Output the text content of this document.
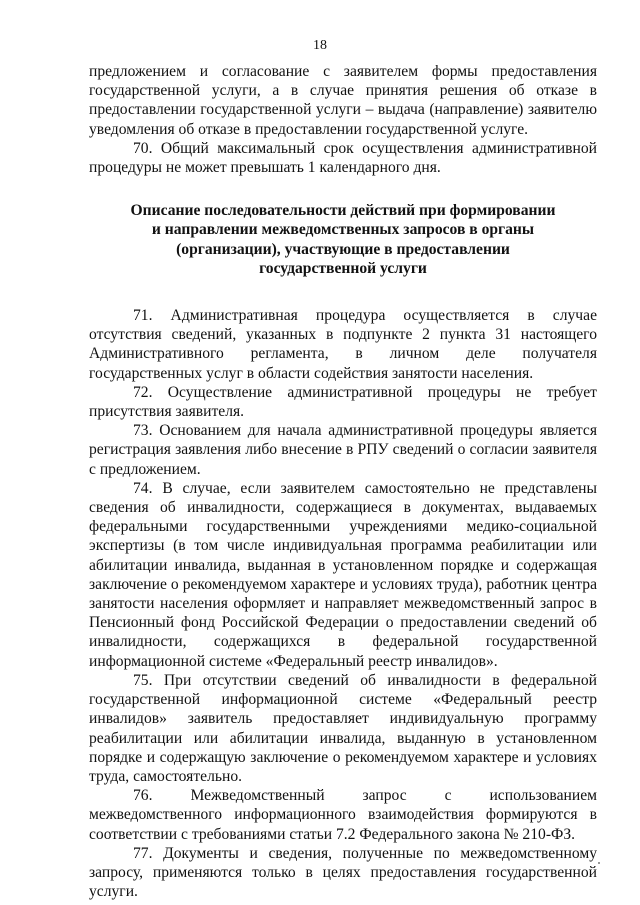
18

предложением и согласование с заявителем формы предоставления государственной услуги, а в случае принятия решения об отказе в предоставлении государственной услуги – выдача (направление) заявителю уведомления об отказе в предоставлении государственной услуге.

70. Общий максимальный срок осуществления административной процедуры не может превышать 1 календарного дня.

Описание последовательности действий при формировании
и направлении межведомственных запросов в органы
(организации), участвующие в предоставлении
государственной услуги

71. Административная процедура осуществляется в случае отсутствия сведений, указанных в подпункте 2 пункта 31 настоящего Административного регламента, в личном деле получателя государственных услуг в области содействия занятости населения.

72. Осуществление административной процедуры не требует присутствия заявителя.

73. Основанием для начала административной процедуры является регистрация заявления либо внесение в РПУ сведений о согласии заявителя с предложением.

74. В случае, если заявителем самостоятельно не представлены сведения об инвалидности, содержащиеся в документах, выдаваемых федеральными государственными учреждениями медико-социальной экспертизы (в том числе индивидуальная программа реабилитации или абилитации инвалида, выданная в установленном порядке и содержащая заключение о рекомендуемом характере и условиях труда), работник центра занятости населения оформляет и направляет межведомственный запрос в Пенсионный фонд Российской Федерации о предоставлении сведений об инвалидности, содержащихся в федеральной государственной информационной системе «Федеральный реестр инвалидов».

75. При отсутствии сведений об инвалидности в федеральной государственной информационной системе «Федеральный реестр инвалидов» заявитель предоставляет индивидуальную программу реабилитации или абилитации инвалида, выданную в установленном порядке и содержащую заключение о рекомендуемом характере и условиях труда, самостоятельно.

76. Межведомственный запрос с использованием межведомственного информационного взаимодействия формируются в соответствии с требованиями статьи 7.2 Федерального закона № 210-ФЗ.

77. Документы и сведения, полученные по межведомственному запросу, применяются только в целях предоставления государственной услуги.
